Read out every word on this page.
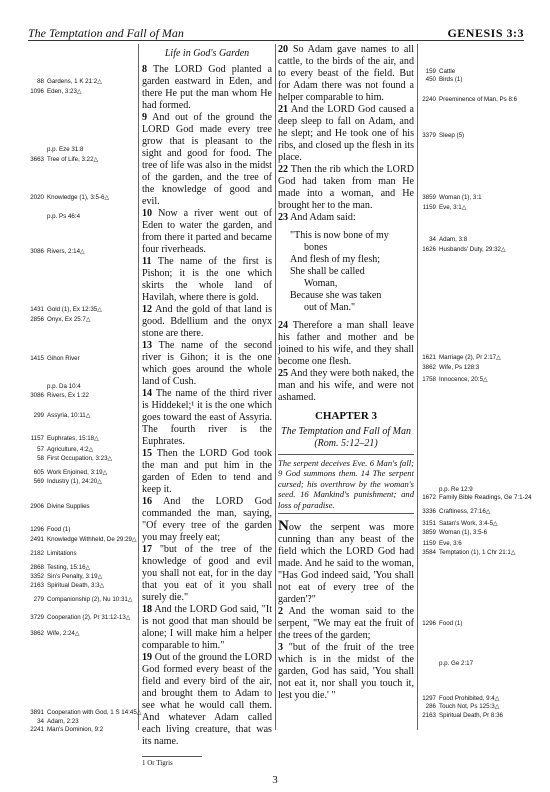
The Temptation and Fall of Man	GENESIS 3:3
88 Gardens, 1 K 21:2△
1096 Eden, 3:23△
p.p. Eze 31:8
3663 Tree of Life, 3:22△
2020 Knowledge (1), 3:5-6△
p.p. Ps 46:4
3086 Rivers, 2:14△
1431 Gold (1), Ex 12:35△
2856 Onyx, Ex 25:7△
1415 Gihon River
p.p. Da 10:4
3086 Rivers, Ex 1:22
299 Assyria, 10:11△
1157 Euphrates, 15:18△
57 Agriculture, 4:2△
58 First Occupation, 3:23△
605 Work Enjoined, 3:19△
569 Industry (1), 24:20△
2906 Divine Supplies
1296 Food (1)
2491 Knowledge Withheld, De 29:29△
2182 Limitations
2868 Testing, 15:16△
3352 Sin's Penalty, 3:19△
2163 Spiritual Death, 3:3△
279 Companionship (2), Nu 10:31△
3729 Cooperation (2), Pr 31:12-13△
3862 Wife, 2:24△
3891 Cooperation with God, 1 S 14:45△
34 Adam, 2:23
2241 Man's Dominion, 9:2
159 Cattle
450 Birds (1)
2240 Preeminence of Man, Ps 8:6
3379 Sleep (5)
3859 Woman (1), 3:1
1159 Eve, 3:1△
34 Adam, 3:8
1626 Husbands' Duty, 29:32△
1621 Marriage (2), Pr 2:17△
3862 Wife, Ps 128:3
1758 Innocence, 20:5△
p.p. Re 12:9
1672 Family Bible Readings, Ge 7:1-24
3336 Craftiness, 27:16△
3151 Satan's Work, 3:4-5△
3859 Woman (1), 3:5-6
1159 Eve, 3:6
3584 Temptation (1), 1 Chr 21:1△
1296 Food (1)
p.p. Ge 2:17
1297 Food Prohibited, 9:4△
286 Touch Not, Ps 125:3△
2163 Spiritual Death, Pr 8:36
Life in God's Garden

8 The LORD God planted a garden eastward in Eden, and there He put the man whom He had formed.

9 And out of the ground the LORD God made every tree grow that is pleasant to the sight and good for food. The tree of life was also in the midst of the garden, and the tree of the knowledge of good and evil.

10 Now a river went out of Eden to water the garden, and from there it parted and became four riverheads.

11 The name of the first is Pishon; it is the one which skirts the whole land of Havilah, where there is gold.

12 And the gold of that land is good. Bdellium and the onyx stone are there.

13 The name of the second river is Gihon; it is the one which goes around the whole land of Cush.

14 The name of the third river is Hiddekel;¹ it is the one which goes toward the east of Assyria. The fourth river is the Euphrates.

15 Then the LORD God took the man and put him in the garden of Eden to tend and keep it.

16 And the LORD God commanded the man, saying, "Of every tree of the garden you may freely eat;

17 "but of the tree of the knowledge of good and evil you shall not eat, for in the day that you eat of it you shall surely die."

18 And the LORD God said, "It is not good that man should be alone; I will make him a helper comparable to him."

19 Out of the ground the LORD God formed every beast of the field and every bird of the air, and brought them to Adam to see what he would call them. And whatever Adam called each living creature, that was its name.

20 So Adam gave names to all cattle, to the birds of the air, and to every beast of the field. But for Adam there was not found a helper comparable to him.

21 And the LORD God caused a deep sleep to fall on Adam, and he slept; and He took one of his ribs, and closed up the flesh in its place.

22 Then the rib which the LORD God had taken from man He made into a woman, and He brought her to the man.

23 And Adam said:

"This is now bone of my
bones
And flesh of my flesh;
She shall be called
Woman,
Because she was taken
out of Man."

24 Therefore a man shall leave his father and mother and be joined to his wife, and they shall become one flesh.

25 And they were both naked, the man and his wife, and were not ashamed.

CHAPTER 3
The Temptation and Fall of Man
(Rom. 5:12–21)
The serpent deceives Eve. 6 Man's fall; 9 God summons them. 14 The serpent cursed; his overthrow by the woman's seed. 16 Mankind's punishment; and loss of paradise.

Now the serpent was more cunning than any beast of the field which the LORD God had made. And he said to the woman, "Has God indeed said, 'You shall not eat of every tree of the garden'?"

2 And the woman said to the serpent, "We may eat the fruit of the trees of the garden;

3 "but of the fruit of the tree which is in the midst of the garden, God has said, 'You shall not eat it, nor shall you touch it, lest you die.' "

1 Or Tigris
3
